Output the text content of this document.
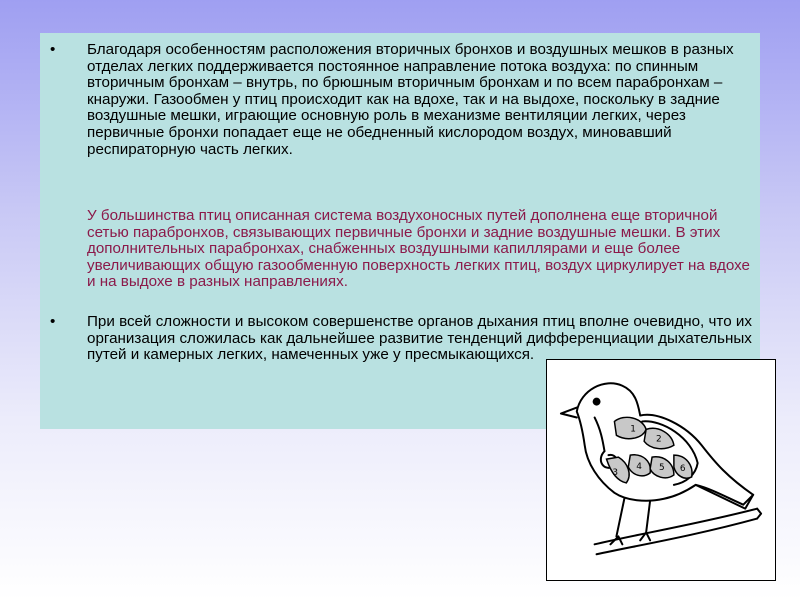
• Благодаря особенностям расположения вторичных бронхов и воздушных мешков в разных отделах легких поддерживается постоянное направление потока воздуха: по спинным вторичным бронхам – внутрь, по брюшным вторичным бронхам и по всем парабронхам – кнаружи. Газообмен у птиц происходит как на вдохе, так и на выдохе, поскольку в задние воздушные мешки, играющие основную роль в механизме вентиляции легких, через первичные бронхи попадает еще не обедненный кислородом воздух, миновавший респираторную часть легких.
У большинства птиц описанная система воздухоносных путей дополнена еще вторичной сетью парабронхов, связывающих первичные бронхи и задние воздушные мешки. В этих дополнительных парабронхах, снабженных воздушными капиллярами и еще более увеличивающих общую газообменную поверхность легких птиц, воздух циркулирует на вдохе и на выдохе в разных направлениях.
• При всей сложности и высоком совершенстве органов дыхания птиц вполне очевидно, что их организация сложилась как дальнейшее развитие тенденций дифференциации дыхательных путей и камерных легких, намеченных уже у пресмыкающихся.
1
2
3
4 5 6
